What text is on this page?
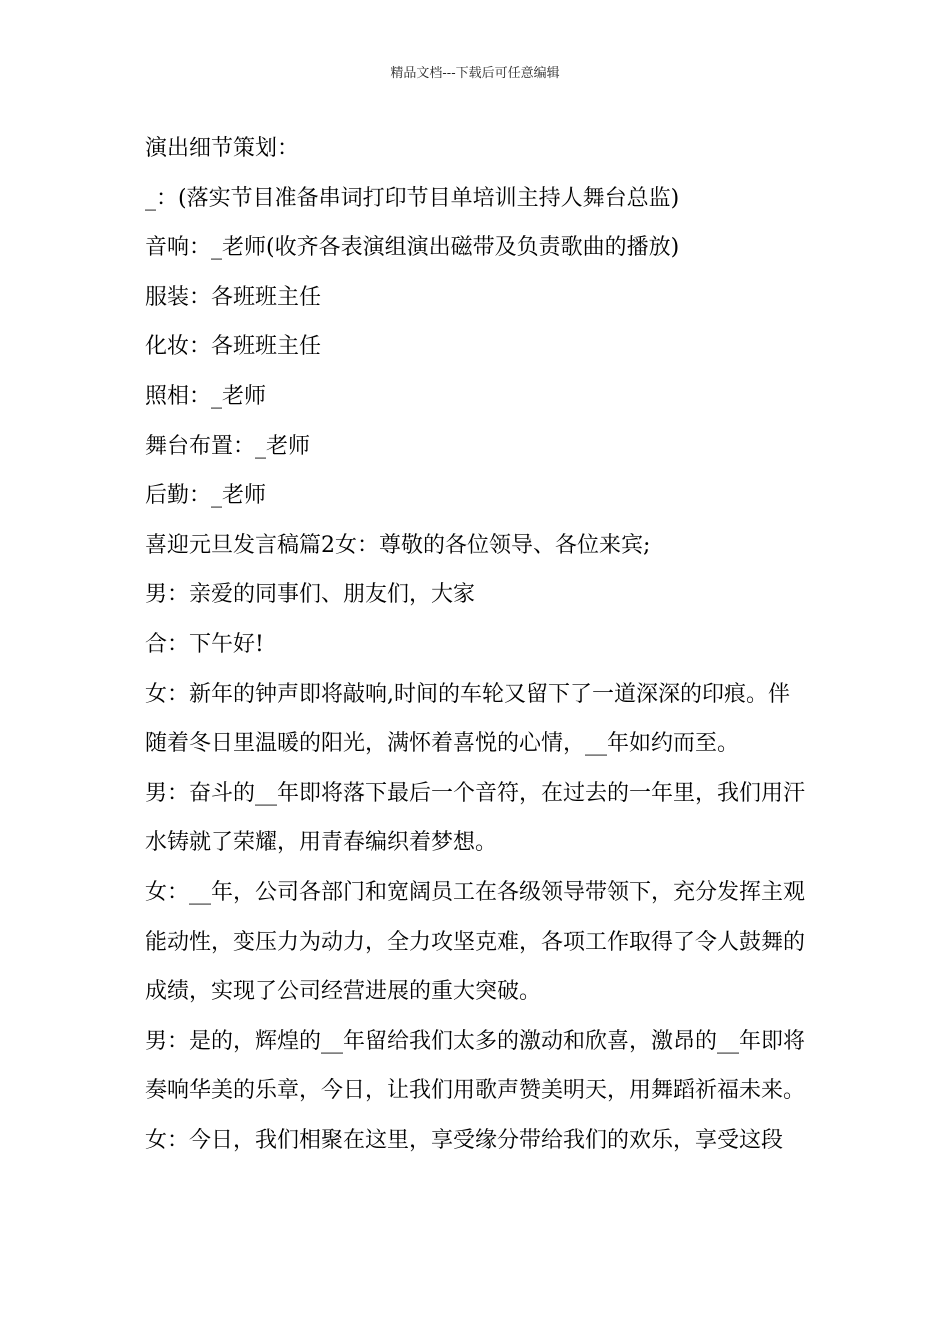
精品文档---下载后可任意编辑

演出细节策划：

_：(落实节目准备串词打印节目单培训主持人舞台总监)

音响：_老师(收齐各表演组演出磁带及负责歌曲的播放)

服装：各班班主任

化妆：各班班主任

照相：_老师

舞台布置：_老师

后勤：_老师

喜迎元旦发言稿篇2女：尊敬的各位领导、各位来宾;

男：亲爱的同事们、朋友们，大家

合：下午好!

女：新年的钟声即将敲响,时间的车轮又留下了一道深深的印痕。伴随着冬日里温暖的阳光，满怀着喜悦的心情，__年如约而至。

男：奋斗的__年即将落下最后一个音符，在过去的一年里，我们用汗水铸就了荣耀，用青春编织着梦想。

女：__年，公司各部门和宽阔员工在各级领导带领下，充分发挥主观能动性，变压力为动力，全力攻坚克难，各项工作取得了令人鼓舞的成绩，实现了公司经营进展的重大突破。

男：是的，辉煌的__年留给我们太多的激动和欣喜，激昂的__年即将奏响华美的乐章，今日，让我们用歌声赞美明天，用舞蹈祈福未来。

女：今日，我们相聚在这里，享受缘分带给我们的欢乐，享受这段
